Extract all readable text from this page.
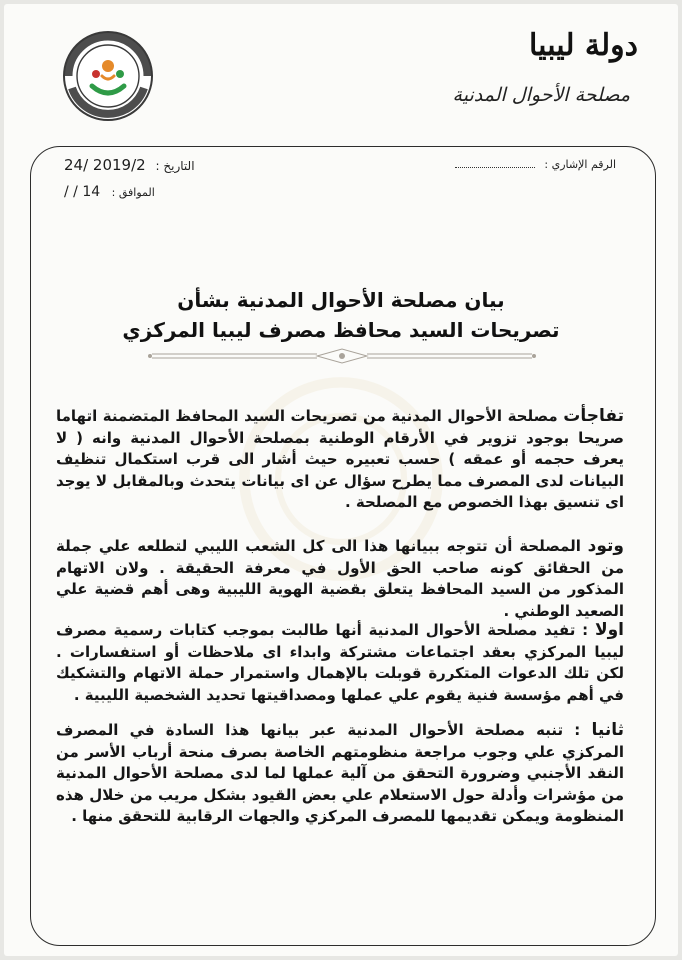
دولة ليبيا
مصلحة الأحوال المدنية
الرقم الإشاري :
التاريخ : 2019/2 /24
الموافق : 14 / /
بيان مصلحة الأحوال المدنية بشأن
تصريحات السيد محافظ مصرف ليبيا المركزي
تفاجأت مصلحة الأحوال المدنية من تصريحات السيد المحافظ المتضمنة اتهاما صريحا بوجود تزوير في الأرقام الوطنية بمصلحة الأحوال المدنية وانه ( لا يعرف حجمه أو عمقه ) حسب تعبيره حيث أشار الى قرب استكمال تنظيف البيانات لدى المصرف مما يطرح سؤال عن اى بيانات يتحدث وبالمقابل لا يوجد اى تنسيق بهذا الخصوص مع المصلحة .
وتود المصلحة أن تتوجه ببيانها هذا الى كل الشعب الليبي لتطلعه علي جملة من الحقائق كونه صاحب الحق الأول في معرفة الحقيقة . ولان الاتهام المذكور من السيد المحافظ يتعلق بقضية الهوية الليبية وهى أهم قضية علي الصعيد الوطني .
اولا : تفيد مصلحة الأحوال المدنية أنها طالبت بموجب كتابات رسمية مصرف ليبيا المركزي بعقد اجتماعات مشتركة وابداء اى ملاحظات أو استفسارات . لكن تلك الدعوات المتكررة قوبلت بالإهمال واستمرار حملة الاتهام والتشكيك في أهم مؤسسة فنية يقوم علي عملها ومصداقيتها تحديد الشخصية الليبية .
ثانيا : تنبه مصلحة الأحوال المدنية عبر بيانها هذا السادة في المصرف المركزي علي وجوب مراجعة منظومتهم الخاصة بصرف منحة أرباب الأسر من النقد الأجنبي وضرورة التحقق من آلية عملها لما لدى مصلحة الأحوال المدنية من مؤشرات وأدلة حول الاستعلام علي بعض القيود بشكل مريب من خلال هذه المنظومة ويمكن تقديمها للمصرف المركزي والجهات الرقابية للتحقق منها .
